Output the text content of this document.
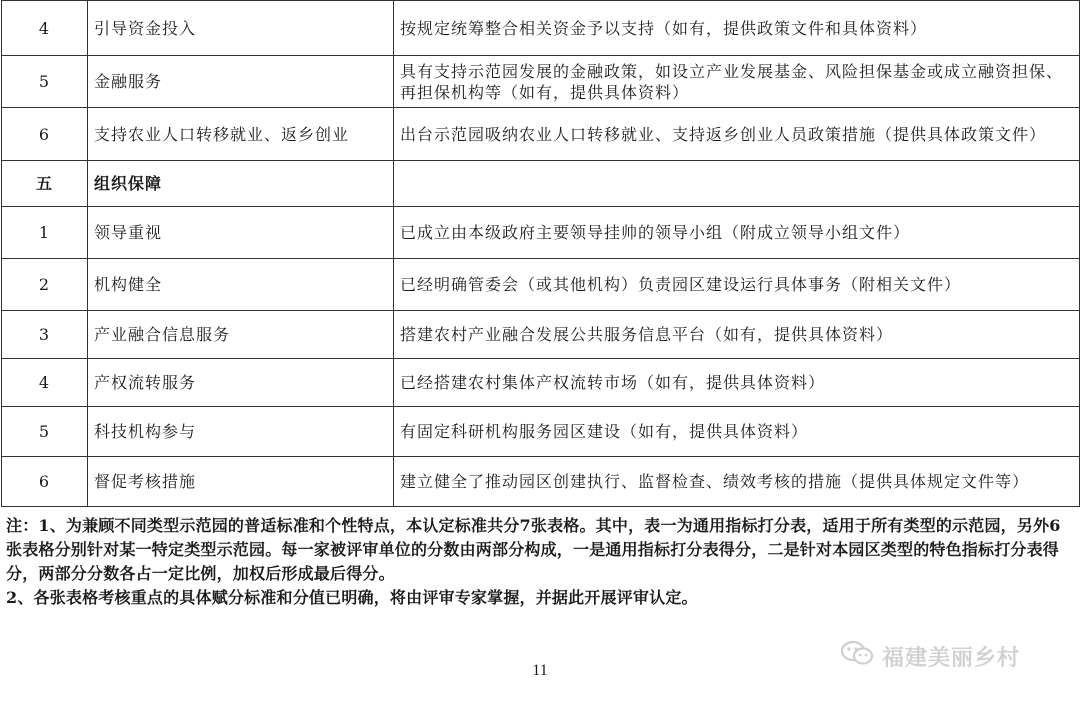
4	引导资金投入	按规定统筹整合相关资金予以支持（如有，提供政策文件和具体资料）
5	金融服务	具有支持示范园发展的金融政策，如设立产业发展基金、风险担保基金或成立融资担保、再担保机构等（如有，提供具体资料）
6	支持农业人口转移就业、返乡创业	出台示范园吸纳农业人口转移就业、支持返乡创业人员政策措施（提供具体政策文件）
五	组织保障	
1	领导重视	已成立由本级政府主要领导挂帅的领导小组（附成立领导小组文件）
2	机构健全	已经明确管委会（或其他机构）负责园区建设运行具体事务（附相关文件）
3	产业融合信息服务	搭建农村产业融合发展公共服务信息平台（如有，提供具体资料）
4	产权流转服务	已经搭建农村集体产权流转市场（如有，提供具体资料）
5	科技机构参与	有固定科研机构服务园区建设（如有，提供具体资料）
6	督促考核措施	建立健全了推动园区创建执行、监督检查、绩效考核的措施（提供具体规定文件等）

注：1、为兼顾不同类型示范园的普适标准和个性特点，本认定标准共分7张表格。其中，表一为通用指标打分表，适用于所有类型的示范园，另外6张表格分别针对某一特定类型示范园。每一家被评审单位的分数由两部分构成，一是通用指标打分表得分，二是针对本园区类型的特色指标打分表得分，两部分分数各占一定比例，加权后形成最后得分。

2、各张表格考核重点的具体赋分标准和分值已明确，将由评审专家掌握，并据此开展评审认定。

福建美丽乡村
11
